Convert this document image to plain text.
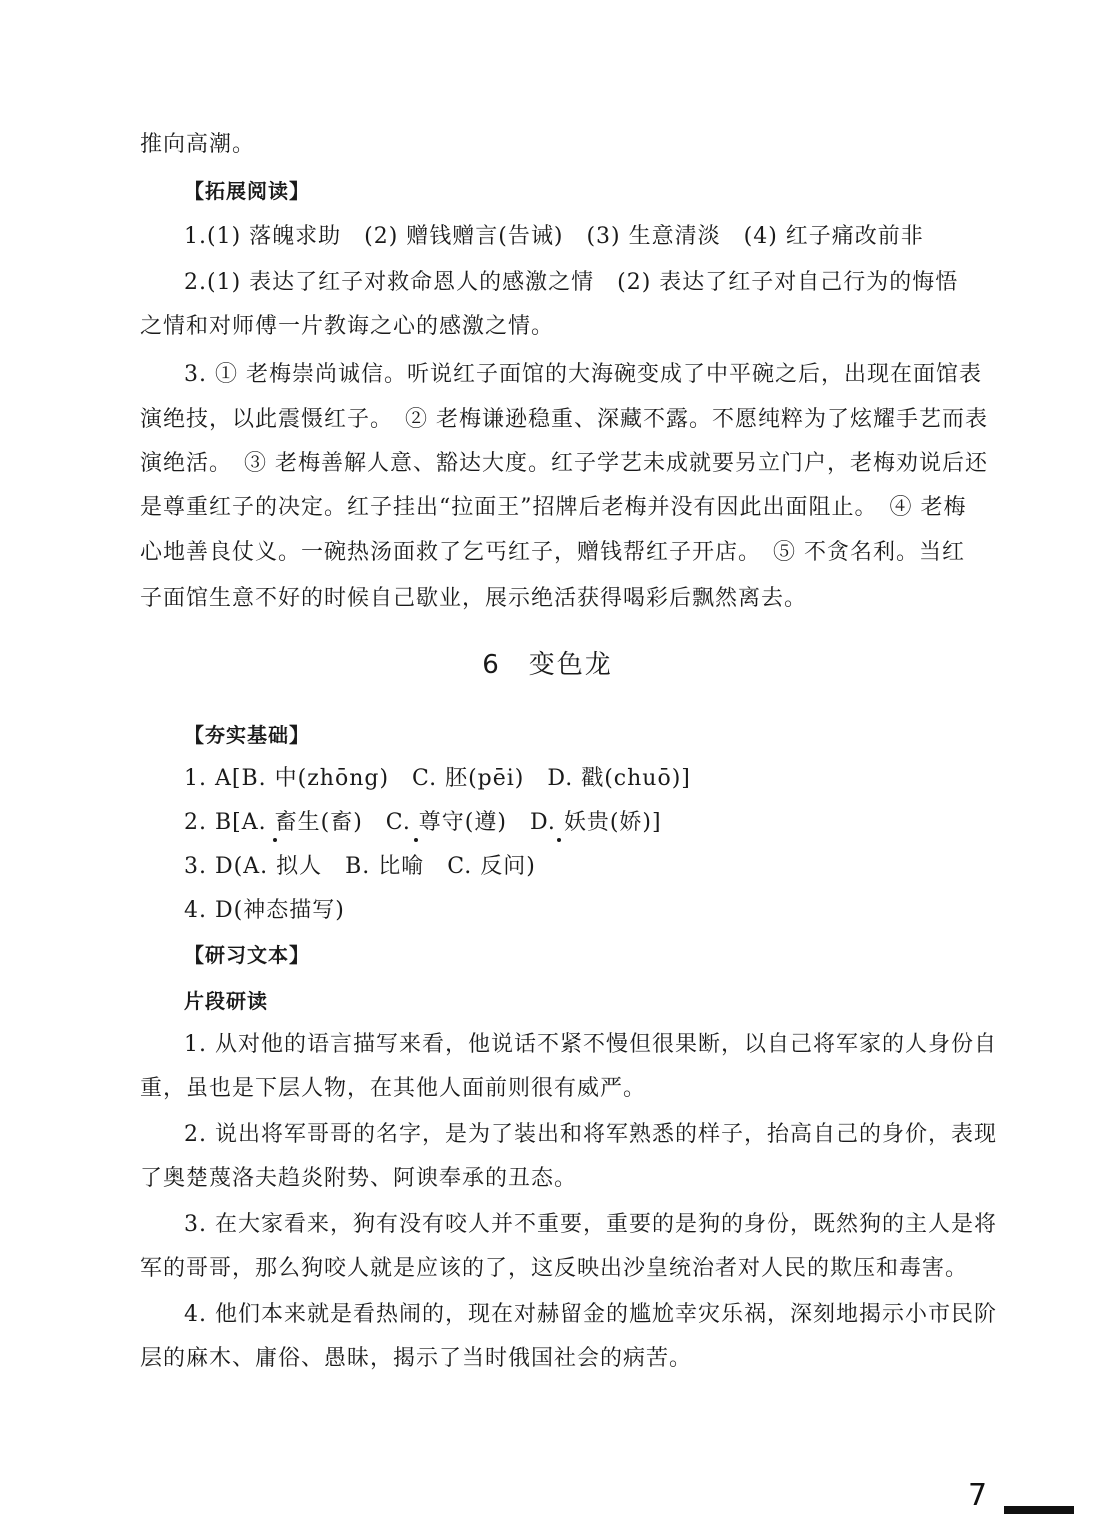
推向高潮。
【拓展阅读】
1.(1) 落魄求助　(2) 赠钱赠言(告诫)　(3) 生意清淡　(4) 红子痛改前非
2.(1) 表达了红子对救命恩人的感激之情　(2) 表达了红子对自己行为的悔悟
之情和对师傅一片教诲之心的感激之情。
3. ① 老梅崇尚诚信。听说红子面馆的大海碗变成了中平碗之后，出现在面馆表
演绝技，以此震慑红子。　② 老梅谦逊稳重、深藏不露。不愿纯粹为了炫耀手艺而表
演绝活。　③ 老梅善解人意、豁达大度。红子学艺未成就要另立门户，老梅劝说后还
是尊重红子的决定。红子挂出“拉面王”招牌后老梅并没有因此出面阻止。　④ 老梅
心地善良仗义。一碗热汤面救了乞丐红子，赠钱帮红子开店。　⑤ 不贪名利。当红
子面馆生意不好的时候自己歇业，展示绝活获得喝彩后飘然离去。
6　变色龙
【夯实基础】
1. A[B. 中(zhōng)　C. 胚(pēi)　D. 戳(chuō)]
2. B[A. 畜生(畜)　C. 尊守(遵)　D. 妖贵(娇)]
3. D(A. 拟人　B. 比喻　C. 反问)
4. D(神态描写)
【研习文本】
片段研读
1. 从对他的语言描写来看，他说话不紧不慢但很果断，以自己将军家的人身份自
重，虽也是下层人物，在其他人面前则很有威严。
2. 说出将军哥哥的名字，是为了装出和将军熟悉的样子，抬高自己的身价，表现
了奥楚蔑洛夫趋炎附势、阿谀奉承的丑态。
3. 在大家看来，狗有没有咬人并不重要，重要的是狗的身份，既然狗的主人是将
军的哥哥，那么狗咬人就是应该的了，这反映出沙皇统治者对人民的欺压和毒害。
4. 他们本来就是看热闹的，现在对赫留金的尴尬幸灾乐祸，深刻地揭示小市民阶
层的麻木、庸俗、愚昧，揭示了当时俄国社会的病苦。
7
